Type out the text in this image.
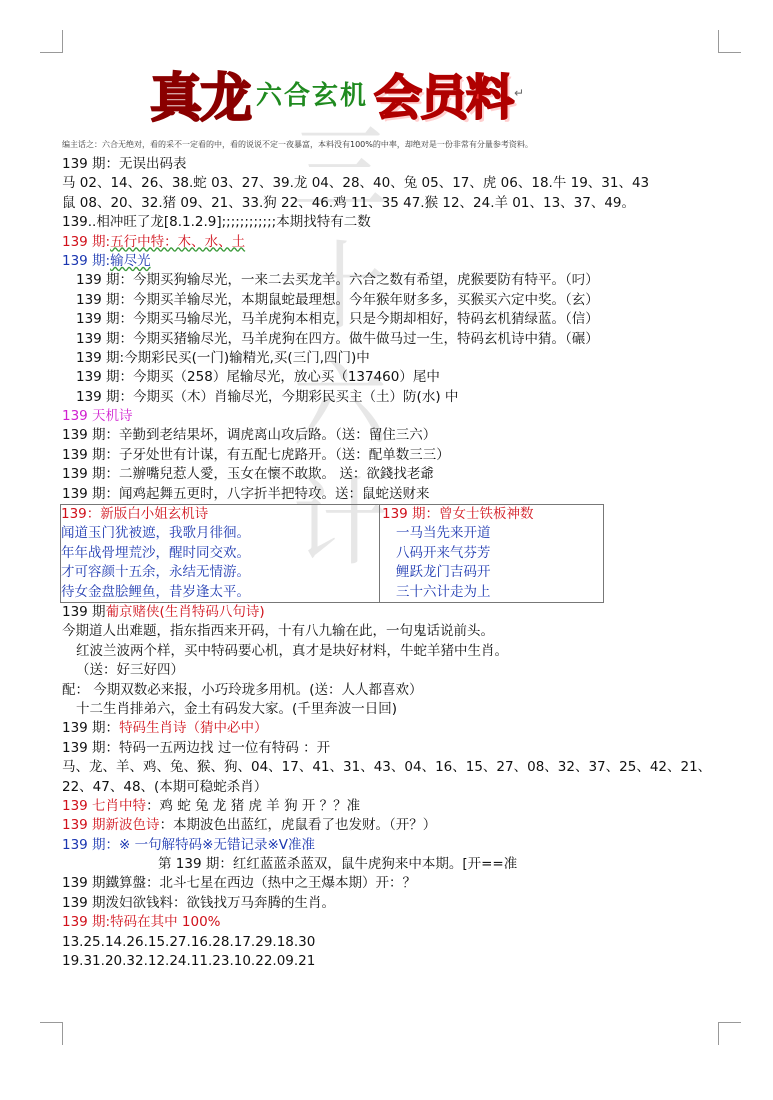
三十六计
真龙 六合玄机 会员料 ↵
编主话之：六合无绝对，看的采不一定看的中，看的说说不定一夜暴富，本料没有100%的中率，却绝对是一份非常有分量参考资料。
139 期：无误出码表
马 02、14、26、38.蛇 03、27、39.龙 04、28、40、兔 05、17、虎 06、18.牛 19、31、43
鼠 08、20、32.猪 09、21、33.狗 22、46.鸡 11、35 47.猴 12、24.羊 01、13、37、49。
139..相冲旺了龙[8.1.2.9];;;;;;;;;;;;本期找特有二数
139 期:五行中特：木、水、土
139 期:输尽光
139 期：今期买狗输尽光，一来二去买龙羊。六合之数有希望，虎猴要防有特平。（叼）
139 期：今期买羊输尽光，本期鼠蛇最理想。今年猴年财多多，买猴买六定中奖。（玄）
139 期：今期买马输尽光，马羊虎狗本相克，只是今期却相好，特码玄机猜绿蓝。（信）
139 期：今期买猪输尽光，马羊虎狗在四方。做牛做马过一生，特码玄机诗中猜。（碾）
139 期:今期彩民买(一门)输精光,买(三门,四门)中
139 期：今期买（258）尾输尽光，放心买（137460）尾中
139 期：今期买（木）肖输尽光，今期彩民买主（土）防(水) 中
139 天机诗
139 期：辛勤到老结果坏，调虎离山攻后路。（送：留住三六）
139 期：子牙处世有计谋，有五配七虎路开。（送：配单数三三）
139 期：二辦嘴兒惹人愛，玉女在懷不敢欺。 送：欲錢找老爺
139 期：闻鸡起舞五更时，八字折半把特攻。送：鼠蛇送财来
139：新版白小姐玄机诗
闻道玉门犹被遮，我歌月徘徊。
年年战骨埋荒沙，醒时同交欢。
才可容颜十五余，永结无情游。
待女金盘脍鲤鱼，昔岁逢太平。
139 期：曾女士铁板神数
一马当先来开道
八码开来气芬芳
鲤跃龙门吉码开
三十六计走为上
139 期葡京赌侠(生肖特码八句诗)
今期道人出难题，指东指西来开码，十有八九输在此，一句鬼话说前头。
红波兰波两个样，买中特码要心机，真才是块好材料，牛蛇羊猪中生肖。
（送：好三好四）
配： 今期双数必来报，小巧玲珑多用机。(送：人人都喜欢）
十二生肖排弟六，金土有码发大家。(千里奔波一日回)
139 期：特码生肖诗（猜中必中）
139 期：特码一五两边找 过一位有特码 ：开
马、龙、羊、鸡、兔、猴、狗、04、17、41、31、43、04、16、15、27、08、32、37、25、42、21、
22、47、48、(本期可稳蛇杀肖）
139 七肖中特：鸡 蛇 兔 龙 猪 虎 羊 狗 开 ？？准
139 期新波色诗：本期波色出蓝红，虎鼠看了也发财。（开？）
139 期：※ 一句解特码※无错记录※V准准
第 139 期：红红蓝蓝杀蓝双，鼠牛虎狗来中本期。[开==准
139 期鐵算盤：北斗七星在西边（热中之王爆本期）开：？
139 期泼妇欲钱料：欲钱找万马奔腾的生肖。
139 期:特码在其中 100%
13.25.14.26.15.27.16.28.17.29.18.30
19.31.20.32.12.24.11.23.10.22.09.21
